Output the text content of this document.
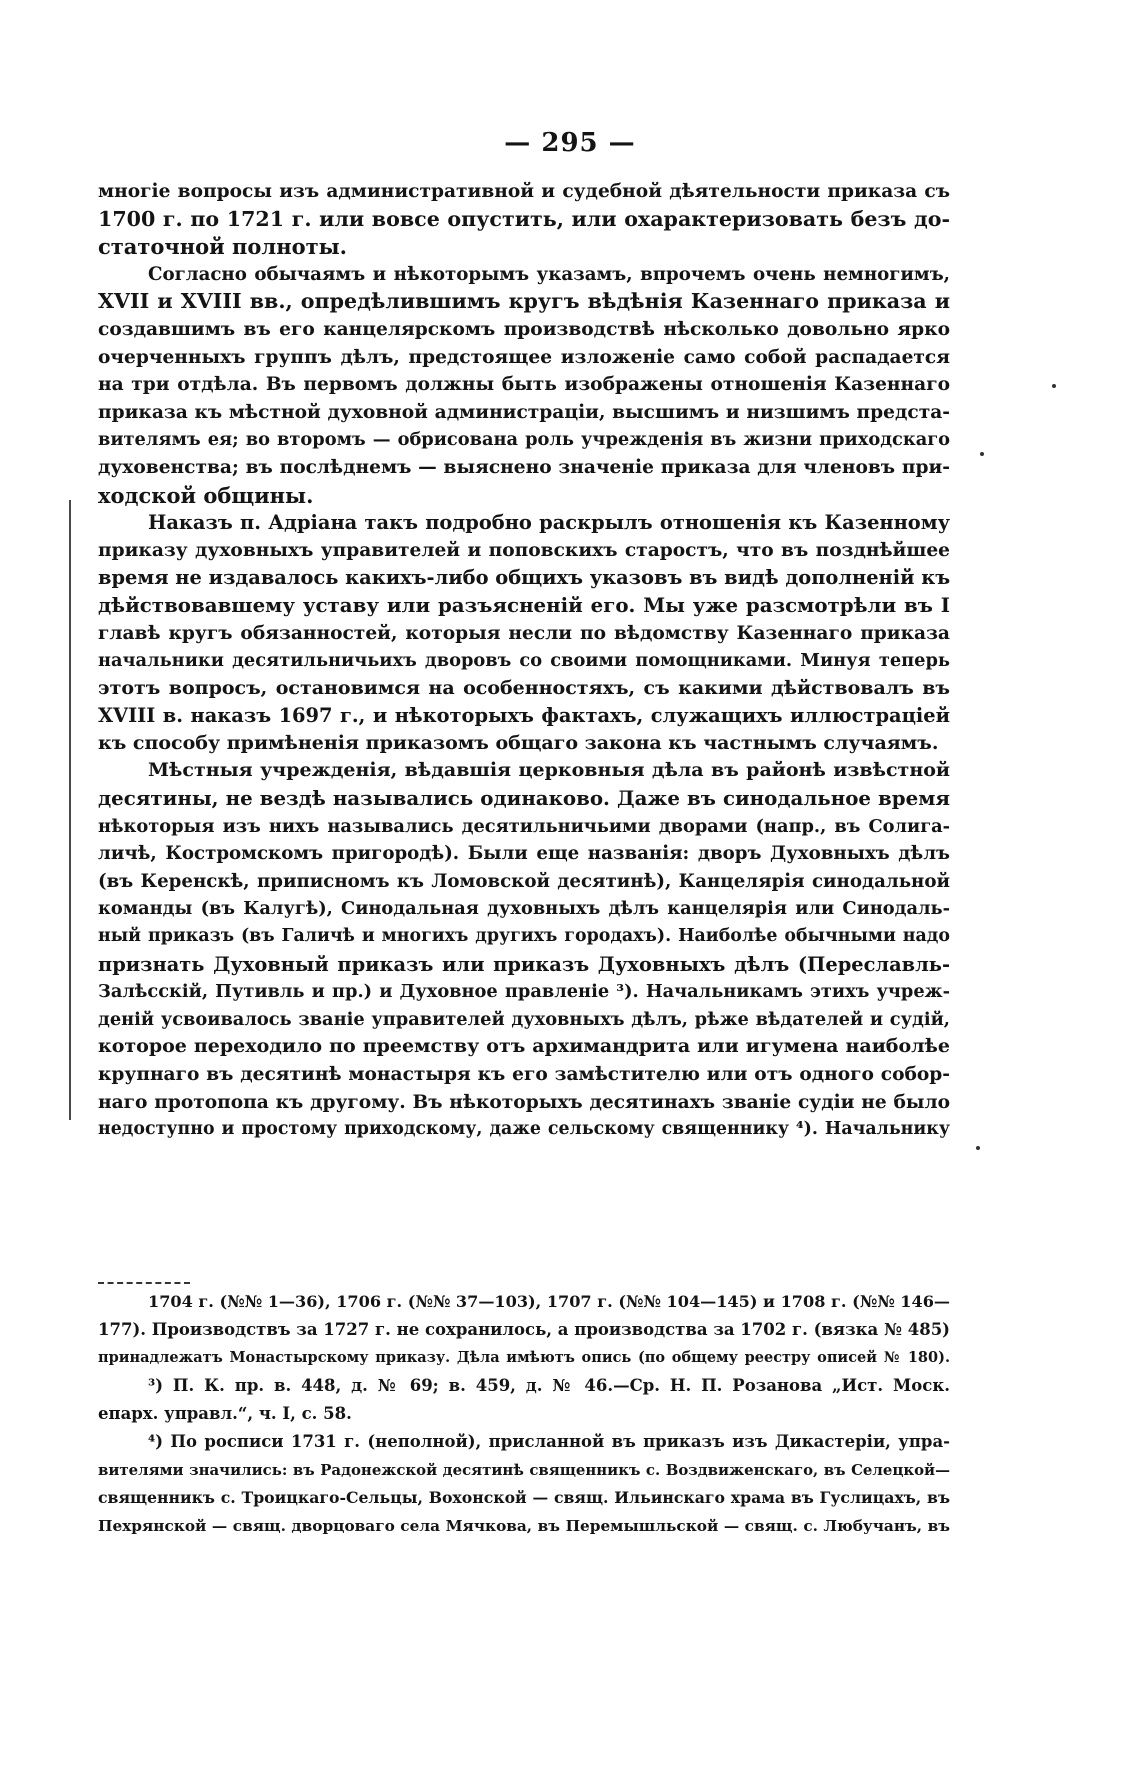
— 295 —
многіе вопросы изъ административной и судебной дѣятельности приказа съ
1700 г. по 1721 г. или вовсе опустить, или охарактеризовать безъ до-
статочной полноты.
Согласно обычаямъ и нѣкоторымъ указамъ, впрочемъ очень немногимъ,
XVII и XVIII вв., опредѣлившимъ кругъ вѣдѣнія Казеннаго приказа и
создавшимъ въ его канцелярскомъ производствѣ нѣсколько довольно ярко
очерченныхъ группъ дѣлъ, предстоящее изложеніе само собой распадается
на три отдѣла. Въ первомъ должны быть изображены отношенія Казеннаго
приказа къ мѣстной духовной администраціи, высшимъ и низшимъ предста-
вителямъ ея; во второмъ — обрисована роль учрежденія въ жизни приходскаго
духовенства; въ послѣднемъ — выяснено значеніе приказа для членовъ при-
ходской общины.
Наказъ п. Адріана такъ подробно раскрылъ отношенія къ Казенному
приказу духовныхъ управителей и поповскихъ старостъ, что въ позднѣйшее
время не издавалось какихъ-либо общихъ указовъ въ видѣ дополненій къ
дѣйствовавшему уставу или разъясненій его. Мы уже разсмотрѣли въ I
главѣ кругъ обязанностей, которыя несли по вѣдомству Казеннаго приказа
начальники десятильничьихъ дворовъ со своими помощниками. Минуя теперь
этотъ вопросъ, остановимся на особенностяхъ, съ какими дѣйствовалъ въ
XVIII в. наказъ 1697 г., и нѣкоторыхъ фактахъ, служащихъ иллюстраціей
къ способу примѣненія приказомъ общаго закона къ частнымъ случаямъ.
Мѣстныя учрежденія, вѣдавшія церковныя дѣла въ районѣ извѣстной
десятины, не вездѣ назывались одинаково. Даже въ синодальное время
нѣкоторыя изъ нихъ назывались десятильничьими дворами (напр., въ Солига-
личѣ, Костромскомъ пригородѣ). Были еще названія: дворъ Духовныхъ дѣлъ
(въ Керенскѣ, приписномъ къ Ломовской десятинѣ), Канцелярія синодальной
команды (въ Калугѣ), Синодальная духовныхъ дѣлъ канцелярія или Синодаль-
ный приказъ (въ Галичѣ и многихъ другихъ городахъ). Наиболѣе обычными надо
признать Духовный приказъ или приказъ Духовныхъ дѣлъ (Переславль-
Залѣсскій, Путивль и пр.) и Духовное правленіе ³). Начальникамъ этихъ учреж-
деній усвоивалось званіе управителей духовныхъ дѣлъ, рѣже вѣдателей и судій,
которое переходило по преемству отъ архимандрита или игумена наиболѣе
крупнаго въ десятинѣ монастыря къ его замѣстителю или отъ одного собор-
наго протопопа къ другому. Въ нѣкоторыхъ десятинахъ званіе судіи не было
недоступно и простому приходскому, даже сельскому священнику ⁴). Начальнику
1704 г. (№№ 1—36), 1706 г. (№№ 37—103), 1707 г. (№№ 104—145) и 1708 г. (№№ 146—
177). Производствъ за 1727 г. не сохранилось, а производства за 1702 г. (вязка № 485)
принадлежатъ Монастырскому приказу. Дѣла имѣютъ опись (по общему реестру описей № 180).
³) П. К. пр. в. 448, д. № 69; в. 459, д. № 46.—Ср. Н. П. Розанова „Ист. Моск.
епарх. управл.“, ч. I, с. 58.
⁴) По росписи 1731 г. (неполной), присланной въ приказъ изъ Дикастеріи, упра-
вителями значились: въ Радонежской десятинѣ священникъ с. Воздвиженскаго, въ Селецкой—
священникъ с. Троицкаго-Сельцы, Вохонской — свящ. Ильинскаго храма въ Гуслицахъ, въ
Пехрянской — свящ. дворцоваго села Мячкова, въ Перемышльской — свящ. с. Любучанъ, въ
